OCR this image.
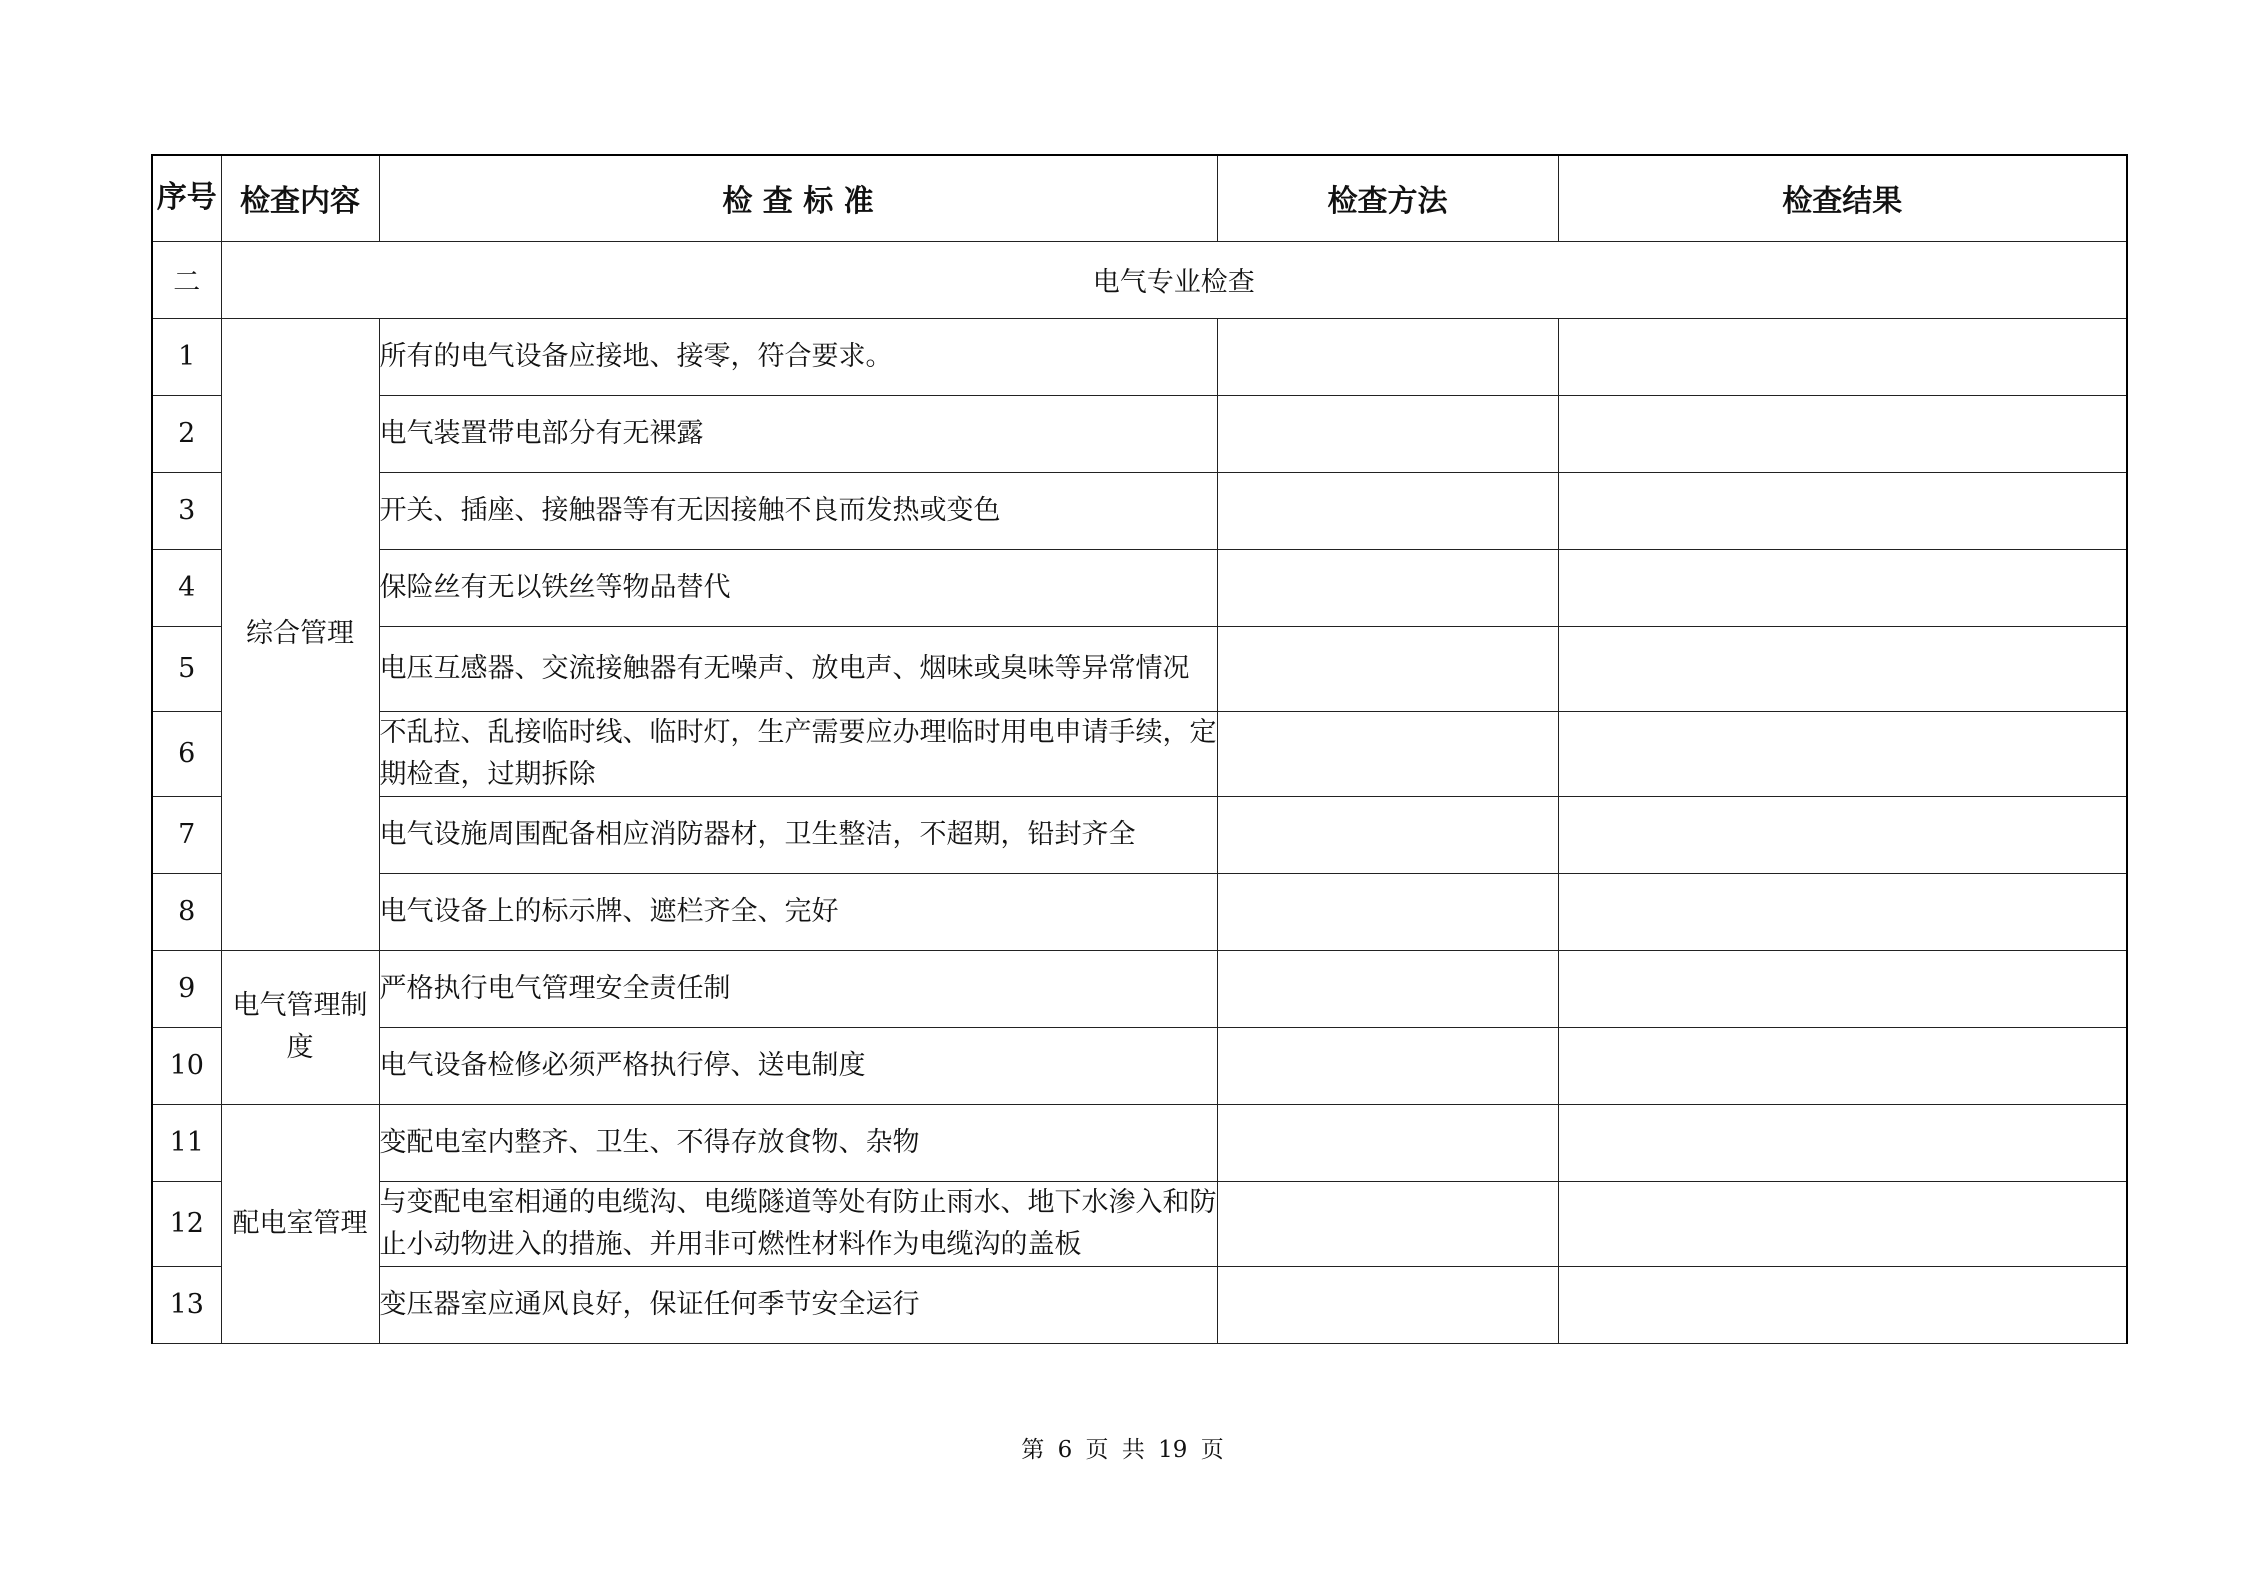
序号	检查内容	检 查 标 准	检查方法	检查结果
二	电气专业检查			
1	综合管理	所有的电气设备应接地、接零，符合要求。		
2		电气装置带电部分有无裸露		
3		开关、插座、接触器等有无因接触不良而发热或变色		
4		保险丝有无以铁丝等物品替代		
5		电压互感器、交流接触器有无噪声、放电声、烟味或臭味等异常情况		
6		不乱拉、乱接临时线、临时灯，生产需要应办理临时用电申请手续，定期检查，过期拆除		
7		电气设施周围配备相应消防器材，卫生整洁，不超期，铅封齐全		
8		电气设备上的标示牌、遮栏齐全、完好		
9	电气管理制度	严格执行电气管理安全责任制		
10		电气设备检修必须严格执行停、送电制度		
11	配电室管理	变配电室内整齐、卫生、不得存放食物、杂物		
12		与变配电室相通的电缆沟、电缆隧道等处有防止雨水、地下水渗入和防止小动物进入的措施、并用非可燃性材料作为电缆沟的盖板		
13		变压器室应通风良好，保证任何季节安全运行		
第 6 页 共 19 页
